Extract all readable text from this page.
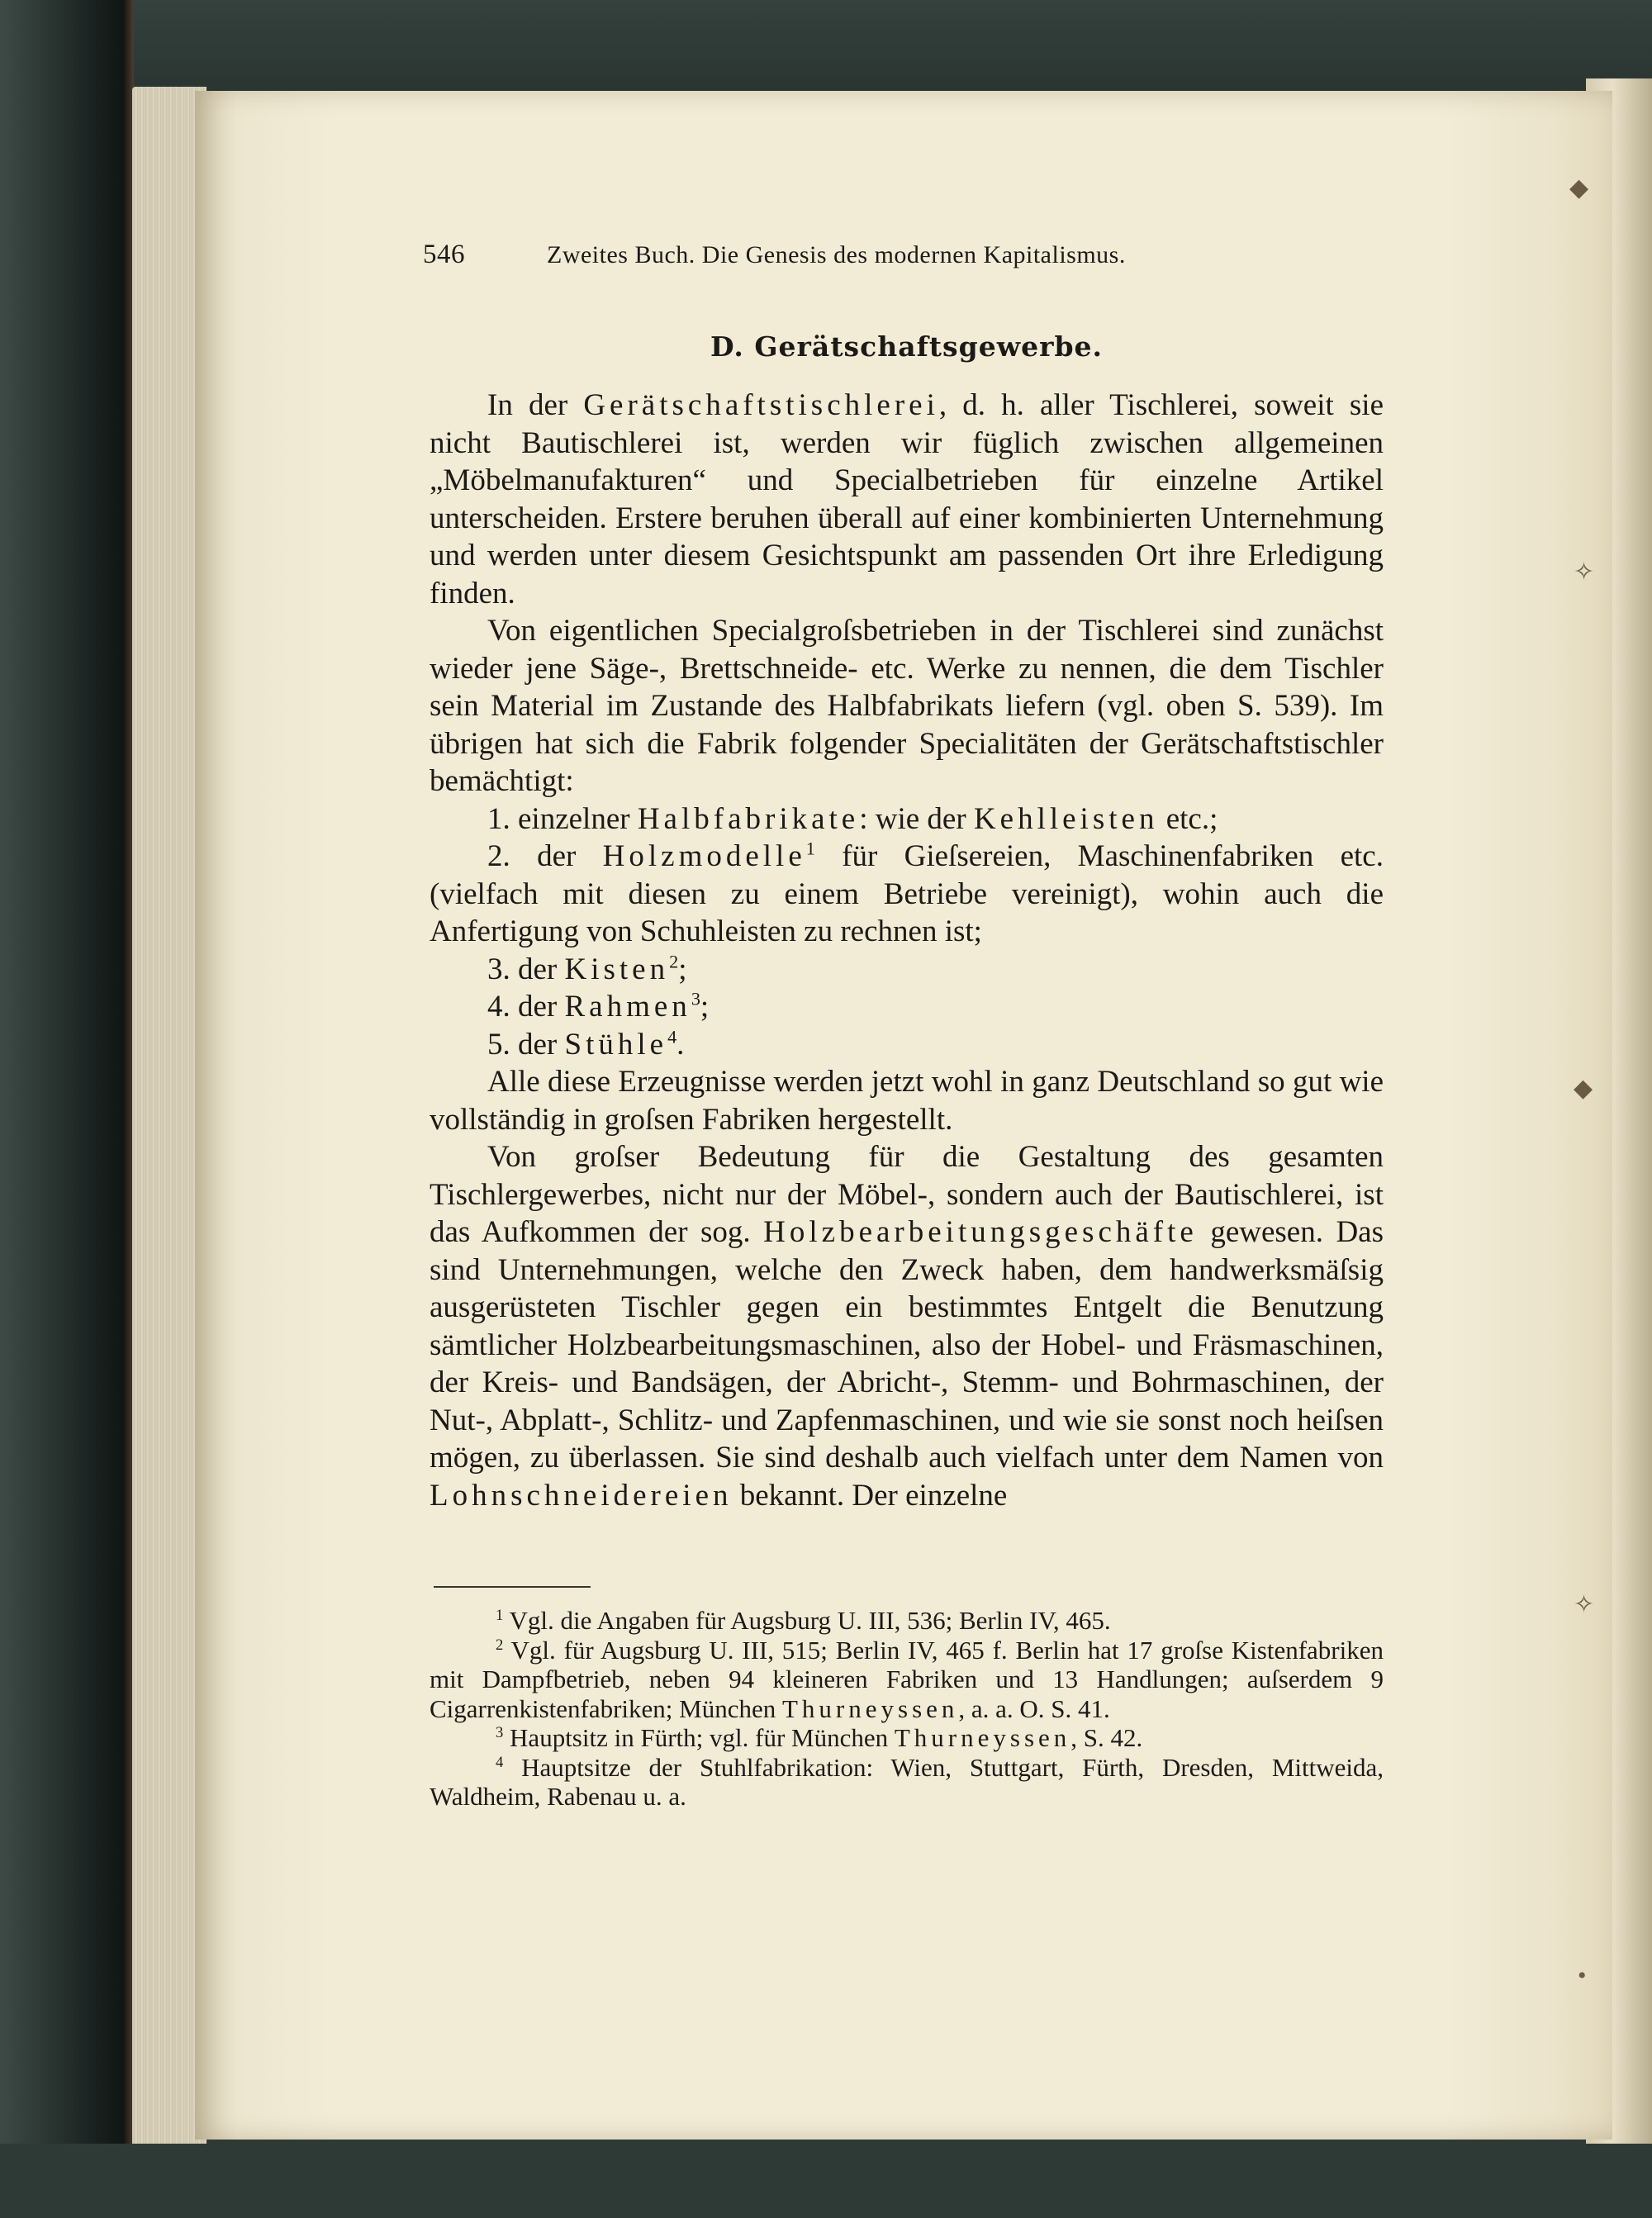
546	Zweites Buch. Die Genesis des modernen Kapitalismus.
D. Gerätschaftsgewerbe.

In der Gerätschaftstischlerei, d. h. aller Tischlerei, soweit sie nicht Bautischlerei ist, werden wir füglich zwischen allgemeinen „Möbelmanufakturen“ und Specialbetrieben für einzelne Artikel unterscheiden. Erstere beruhen überall auf einer kombinierten Unternehmung und werden unter diesem Gesichtspunkt am passenden Ort ihre Erledigung finden.

Von eigentlichen Specialgroſsbetrieben in der Tischlerei sind zunächst wieder jene Säge-, Brettschneide- etc. Werke zu nennen, die dem Tischler sein Material im Zustande des Halbfabrikats liefern (vgl. oben S. 539). Im übrigen hat sich die Fabrik folgender Specialitäten der Gerätschaftstischler bemächtigt:

1. einzelner Halbfabrikate: wie der Kehlleisten etc.;

2. der Holzmodelle$^1$ für Gieſsereien, Maschinenfabriken etc. (vielfach mit diesen zu einem Betriebe vereinigt), wohin auch die Anfertigung von Schuhleisten zu rechnen ist;

3. der Kisten$^2$;

4. der Rahmen$^3$;

5. der Stühle$^4$.

Alle diese Erzeugnisse werden jetzt wohl in ganz Deutschland so gut wie vollständig in groſsen Fabriken hergestellt.

Von groſser Bedeutung für die Gestaltung des gesamten Tischlergewerbes, nicht nur der Möbel-, sondern auch der Bautischlerei, ist das Aufkommen der sog. Holzbearbeitungsgeschäfte gewesen. Das sind Unternehmungen, welche den Zweck haben, dem handwerksmäſsig ausgerüsteten Tischler gegen ein bestimmtes Entgelt die Benutzung sämtlicher Holzbearbeitungsmaschinen, also der Hobel- und Fräsmaschinen, der Kreis- und Bandsägen, der Abricht-, Stemm- und Bohrmaschinen, der Nut-, Abplatt-, Schlitz- und Zapfenmaschinen, und wie sie sonst noch heiſsen mögen, zu überlassen. Sie sind deshalb auch vielfach unter dem Namen von Lohnschneidereien bekannt. Der einzelne

$^1$ Vgl. die Angaben für Augsburg U. III, 536; Berlin IV, 465.

$^2$ Vgl. für Augsburg U. III, 515; Berlin IV, 465 f. Berlin hat 17 groſse Kistenfabriken mit Dampfbetrieb, neben 94 kleineren Fabriken und 13 Handlungen; auſserdem 9 Cigarrenkistenfabriken; München Thurneyssen, a. a. O. S. 41.

$^3$ Hauptsitz in Fürth; vgl. für München Thurneyssen, S. 42.

$^4$ Hauptsitze der Stuhlfabrikation: Wien, Stuttgart, Fürth, Dresden, Mittweida, Waldheim, Rabenau u. a.

◆
✧
◆
✧
•
